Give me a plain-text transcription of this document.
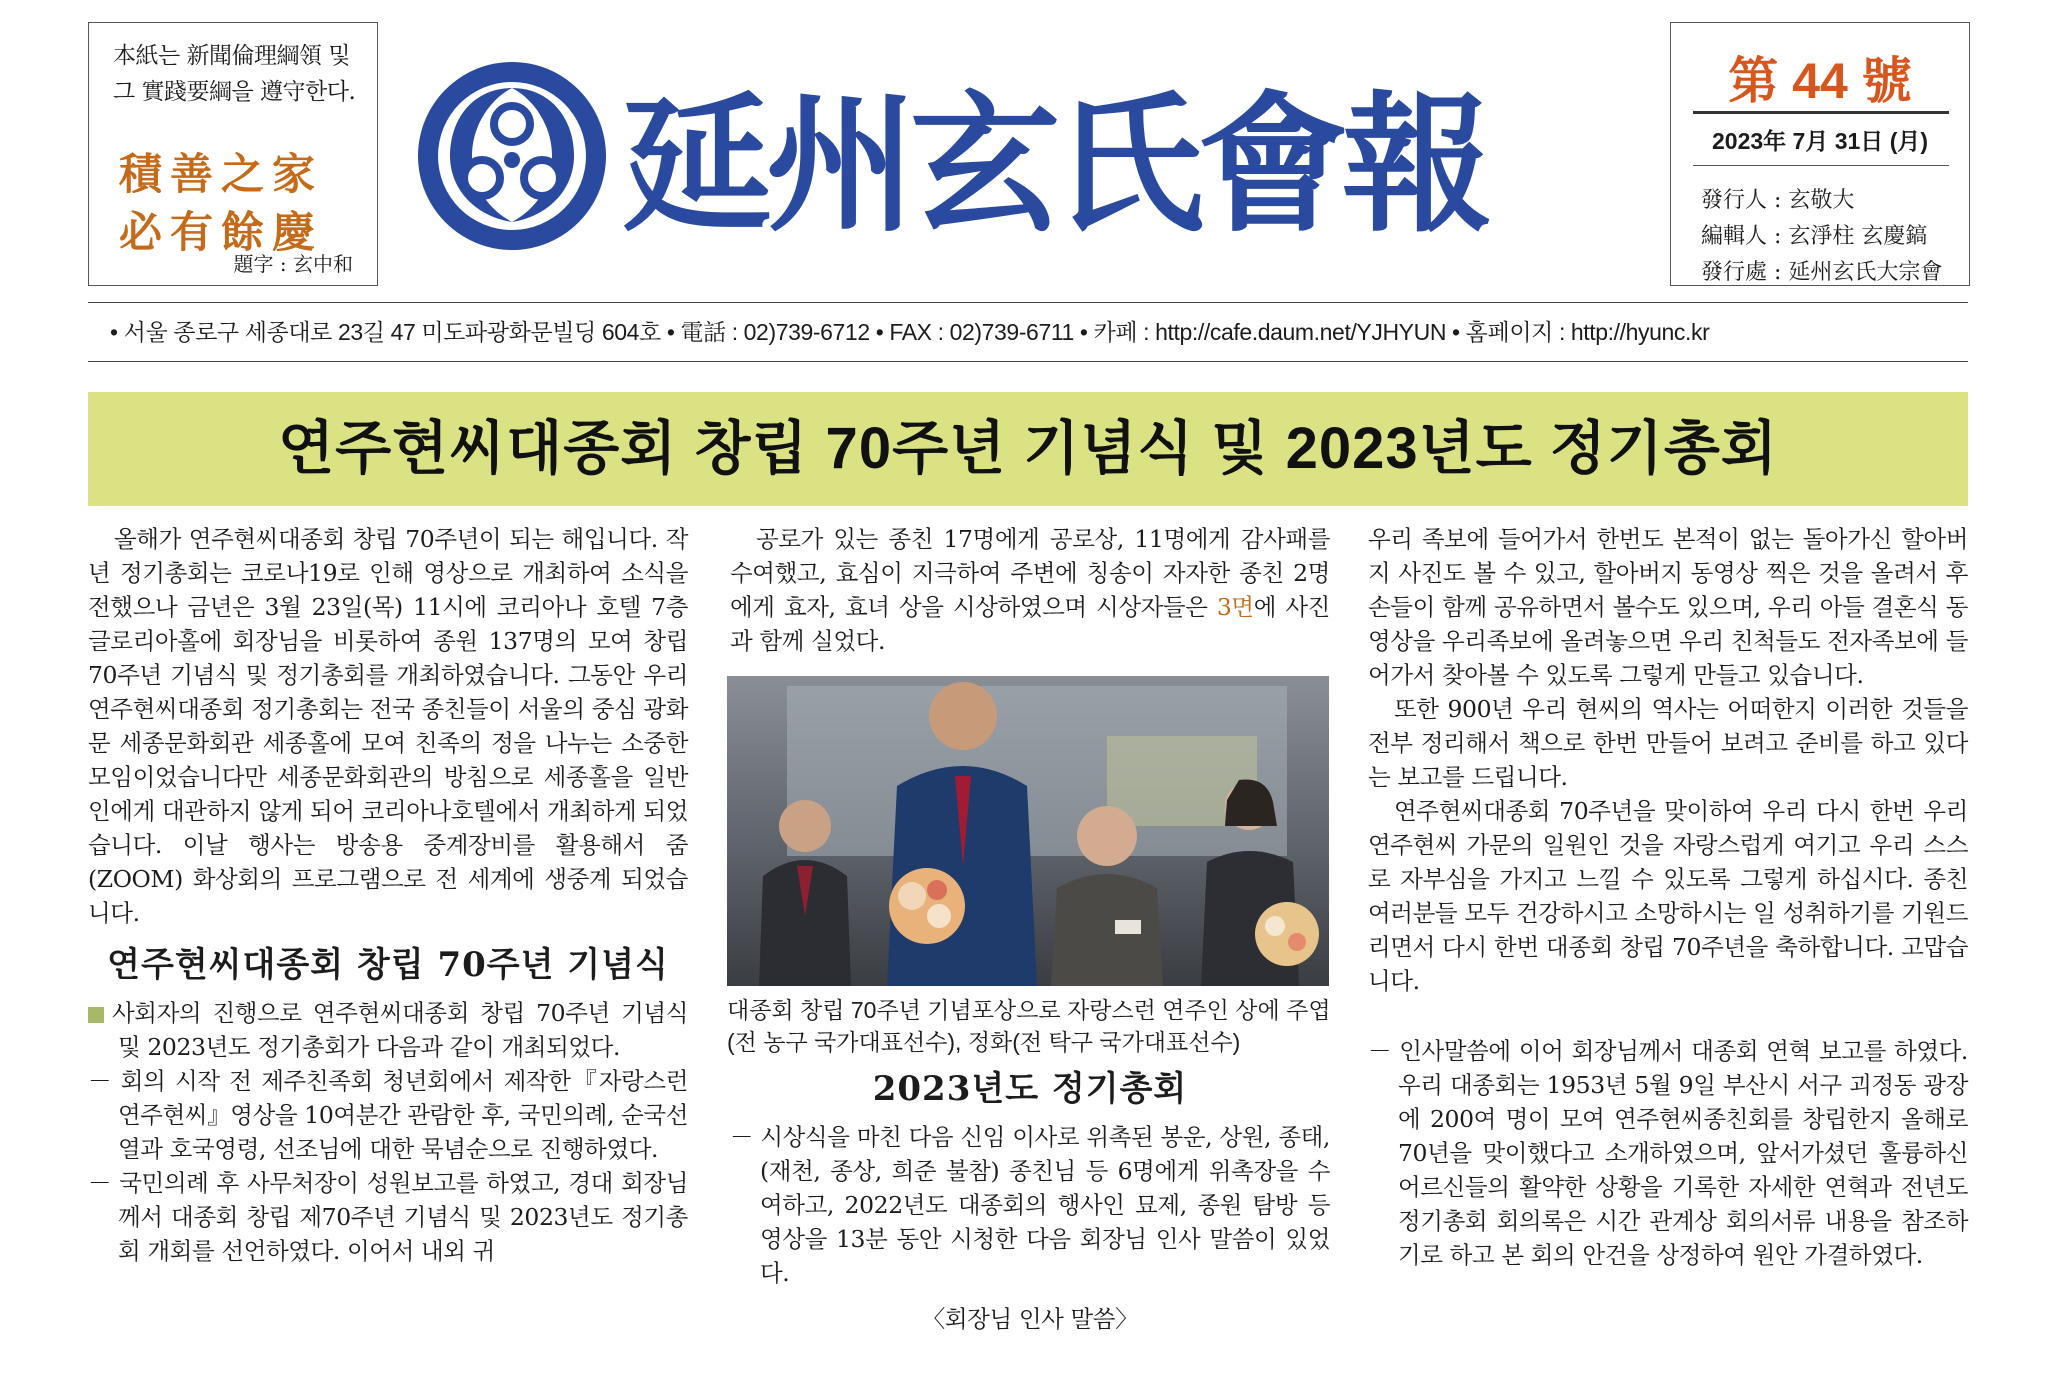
本紙는 新聞倫理綱領 및
그 實踐要綱을 遵守한다.
積善之家
必有餘慶
題字 : 玄中和
延州玄氏會報	第 44 號
2023年 7月 31日 (月)
發行人 : 玄敬大
編輯人 : 玄淨柱 玄慶鎬
發行處 : 延州玄氏大宗會
• 서울 종로구 세종대로 23길 47 미도파광화문빌딩 604호 • 電話 : 02)739-6712 • FAX : 02)739-6711 • 카페 : http://cafe.daum.net/YJHYUN • 홈페이지 : http://hyunc.kr
연주현씨대종회 창립 70주년 기념식 및 2023년도 정기총회

올해가 연주현씨대종회 창립 70주년이 되는 해입니다. 작년 정기총회는 코로나19로 인해 영상으로 개최하여 소식을 전했으나 금년은 3월 23일(목) 11시에 코리아나 호텔 7층 글로리아홀에 회장님을 비롯하여 종원 137명의 모여 창립 70주년 기념식 및 정기총회를 개최하였습니다. 그동안 우리 연주현씨대종회 정기총회는 전국 종친들이 서울의 중심 광화문 세종문화회관 세종홀에 모여 친족의 정을 나누는 소중한 모임이었습니다만 세종문화회관의 방침으로 세종홀을 일반인에게 대관하지 않게 되어 코리아나호텔에서 개최하게 되었습니다. 이날 행사는 방송용 중계장비를 활용해서 줌(ZOOM) 화상회의 프로그램으로 전 세계에 생중계 되었습니다.

연주현씨대종회 창립 70주년 기념식

사회자의 진행으로 연주현씨대종회 창립 70주년 기념식 및 2023년도 정기총회가 다음과 같이 개최되었다.

－ 회의 시작 전 제주친족회 청년회에서 제작한『자랑스런 연주현씨』영상을 10여분간 관람한 후, 국민의례, 순국선열과 호국영령, 선조님에 대한 묵념순으로 진행하였다.

－ 국민의례 후 사무처장이 성원보고를 하였고, 경대 회장님께서 대종회 창립 제70주년 기념식 및 2023년도 정기총회 개회를 선언하였다. 이어서 내외 귀

공로가 있는 종친 17명에게 공로상, 11명에게 감사패를 수여했고, 효심이 지극하여 주변에 칭송이 자자한 종친 2명에게 효자, 효녀 상을 시상하였으며 시상자들은 3면에 사진과 함께 실었다.

대종회 창립 70주년 기념포상으로 자랑스런 연주인 상에 주엽(전 농구 국가대표선수), 정화(전 탁구 국가대표선수)
2023년도 정기총회

－ 시상식을 마친 다음 신임 이사로 위촉된 봉운, 상원, 종태,(재천, 종상, 희준 불참) 종친님 등 6명에게 위촉장을 수여하고, 2022년도 대종회의 행사인 묘제, 종원 탐방 등 영상을 13분 동안 시청한 다음 회장님 인사 말씀이 있었다.

〈회장님 인사 말씀〉

우리 족보에 들어가서 한번도 본적이 없는 돌아가신 할아버지 사진도 볼 수 있고, 할아버지 동영상 찍은 것을 올려서 후손들이 함께 공유하면서 볼수도 있으며, 우리 아들 결혼식 동영상을 우리족보에 올려놓으면 우리 친척들도 전자족보에 들어가서 찾아볼 수 있도록 그렇게 만들고 있습니다.

또한 900년 우리 현씨의 역사는 어떠한지 이러한 것들을 전부 정리해서 책으로 한번 만들어 보려고 준비를 하고 있다는 보고를 드립니다.

연주현씨대종회 70주년을 맞이하여 우리 다시 한번 우리 연주현씨 가문의 일원인 것을 자랑스럽게 여기고 우리 스스로 자부심을 가지고 느낄 수 있도록 그렇게 하십시다. 종친 여러분들 모두 건강하시고 소망하시는 일 성취하기를 기원드리면서 다시 한번 대종회 창립 70주년을 축하합니다. 고맙습니다.

－ 인사말씀에 이어 회장님께서 대종회 연혁 보고를 하였다. 우리 대종회는 1953년 5월 9일 부산시 서구 괴정동 광장에 200여 명이 모여 연주현씨종친회를 창립한지 올해로 70년을 맞이했다고 소개하였으며, 앞서가셨던 훌륭하신 어르신들의 활약한 상황을 기록한 자세한 연혁과 전년도 정기총회 회의록은 시간 관계상 회의서류 내용을 참조하기로 하고 본 회의 안건을 상정하여 원안 가결하였다.
